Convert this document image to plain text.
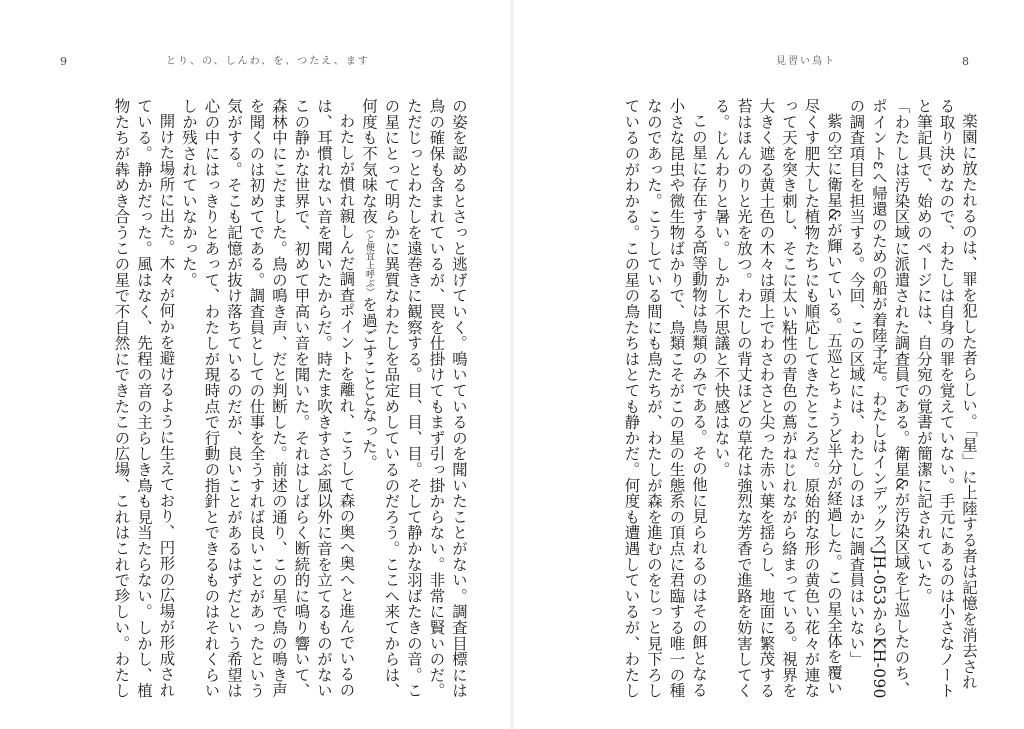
9	とり、の、しんわ、を、つたえ、ます	見習い鳥ト	8

楽園に放たれるのは、罪を犯した者らしい。「星」に上陸する者は記憶を消去される取り決めなので、わたしは自身の罪を覚えていない。手元にあるのは小さなノートと筆記具で、始めのページには、自分宛の覚書が簡潔に記されていた。

「わたしは汚染区域に派遣された調査員である。衛星&が汚染区域を七巡したのち、ポイントεへ帰還のための船が着陸予定。わたしはインデックスJH-053からKH-090の調査項目を担当する。今回、この区域には、わたしのほかに調査員はいない」

紫の空に衛星&が輝いている。五巡とちょうど半分が経過した。この星全体を覆い尽くす肥大した植物たちにも順応してきたところだ。原始的な形の黄色い花々が連なって天を突き刺し、そこに太い粘性の青色の蔦がねじれながら絡まっている。視界を大きく遮る黄土色の木々は頭上でわさわさと尖った赤い葉を揺らし、地面に繁茂する苔はほんのりと光を放つ。わたしの背丈ほどの草花は強烈な芳香で進路を妨害してくる。じんわりと暑い。しかし不思議と不快感はない。

この星に存在する高等動物は鳥類のみである。その他に見られるのはその餌となる小さな昆虫や微生物ばかりで、鳥類こそがこの星の生態系の頂点に君臨する唯一の種なのであった。こうしている間にも鳥たちが、わたしが森を進むのをじっと見下ろしているのがわかる。この星の鳥たちはとても静かだ。何度も遭遇しているが、わたし

の姿を認めるとさっと逃げていく。鳴いているのを聞いたことがない。調査目標には鳥の確保も含まれているが、罠を仕掛けてもまず引っ掛からない。非常に賢いのだ。ただじっとわたしを遠巻きに観察する。目、目、目。そして静かな羽ばたきの音。この星にとって明らかに異質なわたしを品定めしているのだろう。ここへ来てからは、何度も不気味な夜（と便宜上呼ぶ）を過ごすこととなった。

わたしが慣れ親しんだ調査ポイントを離れ、こうして森の奥へ奥へと進んでいるのは、耳慣れない音を聞いたからだ。時たま吹きすさぶ風以外に音を立てるものがないこの静かな世界で、初めて甲高い音を聞いた。それはしばらく断続的に鳴り響いて、森林中にこだました。鳥の鳴き声、だと判断した。前述の通り、この星で鳥の鳴き声を聞くのは初めてである。調査員としての仕事を全うすれば良いことがあったという気がする。そこも記憶が抜け落ちているのだが、良いことがあるはずだという希望は心の中にはっきりとあって、わたしが現時点で行動の指針とできるものはそれくらいしか残されていなかった。

開けた場所に出た。木々が何かを避けるように生えており、円形の広場が形成されている。静かだった。風はなく、先程の音の主らしき鳥も見当たらない。しかし、植物たちが犇めき合うこの星で不自然にできたこの広場、これはこれで珍しい。わたし
